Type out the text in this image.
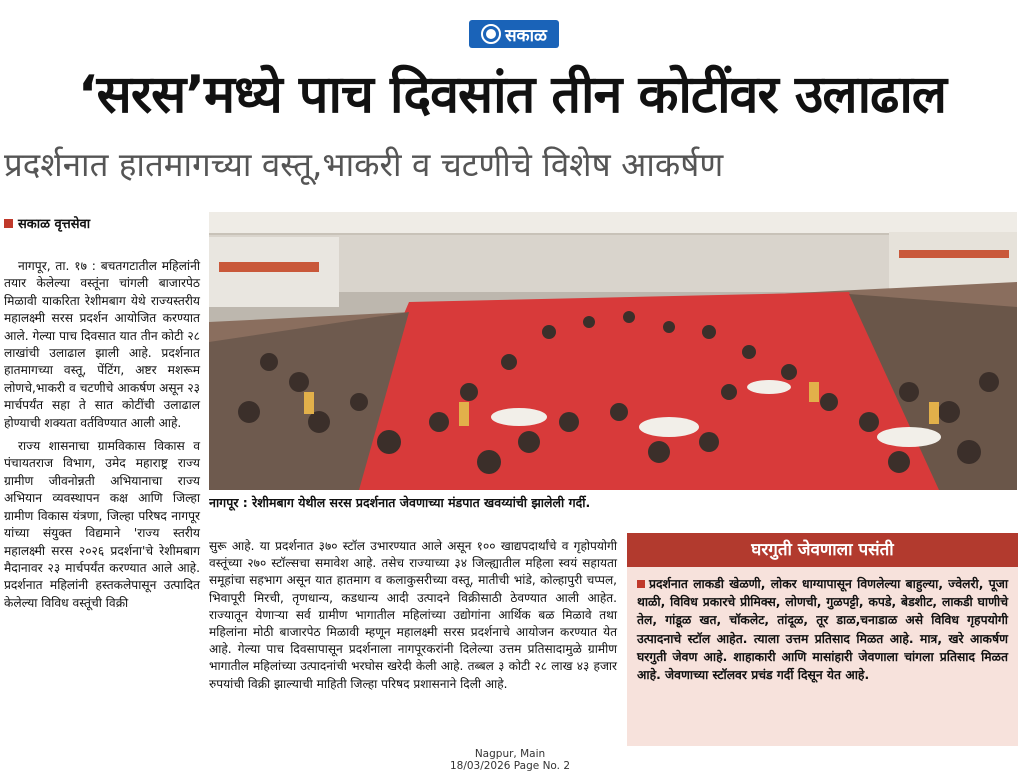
सकाळ
‘सरस’मध्ये पाच दिवसांत तीन कोटींवर उलाढाल
प्रदर्शनात हातमागच्या वस्तू,भाकरी व चटणीचे विशेष आकर्षण
सकाळ वृत्तसेवा

नागपूर, ता. १७ : बचतगटातील महिलांनी तयार केलेल्या वस्तूंना चांगली बाजारपेठ मिळावी याकरिता रेशीमबाग येथे राज्यस्तरीय महालक्ष्मी सरस प्रदर्शन आयोजित करण्यात आले. गेल्या पाच दिवसात यात तीन कोटी २८ लाखांची उलाढाल झाली आहे. प्रदर्शनात हातमागच्या वस्तू, पेंटिंग, अष्टर मशरूम लोणचे,भाकरी व चटणीचे आकर्षण असून २३ मार्चपर्यंत सहा ते सात कोटींची उलाढाल होण्याची शक्यता वर्तविण्यात आली आहे.

राज्य शासनाचा ग्रामविकास विकास व पंचायतराज विभाग, उमेद महाराष्ट्र राज्य ग्रामीण जीवनोन्नती अभियानाचा राज्य अभियान व्यवस्थापन कक्ष आणि जिल्हा ग्रामीण विकास यंत्रणा, जिल्हा परिषद नागपूर यांच्या संयुक्त विद्यमाने 'राज्य स्तरीय महालक्ष्मी सरस २०२६ प्रदर्शना'चे रेशीमबाग मैदानावर २३ मार्चपर्यंत करण्यात आले आहे. प्रदर्शनात महिलांनी हस्तकलेपासून उत्पादित केलेल्या विविध वस्तूंची विक्री

नागपूर : रेशीमबाग येथील सरस प्रदर्शनात जेवणाच्या मंडपात खवय्यांची झालेली गर्दी.

सुरू आहे. या प्रदर्शनात ३७० स्टॉल उभारण्यात आले असून १०० खाद्यपदार्थांचे व गृहोपयोगी वस्तूंच्या २७० स्टॉल्सचा समावेश आहे. तसेच राज्याच्या ३४ जिल्ह्यातील महिला स्वयं सहायता समूहांचा सहभाग असून यात हातमाग व कलाकुसरीच्या वस्तू, मातीची भांडे, कोल्हापुरी चप्पल, भिवापूरी मिरची, तृणधान्य, कडधान्य आदी उत्पादने विक्रीसाठी ठेवण्यात आली आहेत. राज्यातून येणाऱ्या सर्व ग्रामीण भागातील महिलांच्या उद्योगांना आर्थिक बळ मिळावे तथा महिलांना मोठी बाजारपेठ मिळावी म्हणून महालक्ष्मी सरस प्रदर्शनाचे आयोजन करण्यात येत आहे. गेल्या पाच दिवसापासून प्रदर्शनाला नागपूरकरांनी दिलेल्या उत्तम प्रतिसादामुळे ग्रामीण भागातील महिलांच्या उत्पादनांची भरघोस खरेदी केली आहे. तब्बल ३ कोटी २८ लाख ४३ हजार रुपयांची विक्री झाल्याची माहिती जिल्हा परिषद प्रशासनाने दिली आहे.

घरगुती जेवणाला पसंती
प्रदर्शनात लाकडी खेळणी, लोकर धाग्यापासून विणलेल्या बाहुल्या, ज्वेलरी, पूजा थाळी, विविध प्रकारचे प्रीमिक्स, लोणची, गुळपट्टी, कपडे, बेडशीट, लाकडी घाणीचे तेल, गांडूळ खत, चॉकलेट, तांदूळ, तूर डाळ,चनाडाळ असे विविध गृहपयोगी उत्पादनाचे स्टॉल आहेत. त्याला उत्तम प्रतिसाद मिळत आहे. मात्र, खरे आकर्षण घरगुती जेवण आहे. शाहाकारी आणि मासांहारी जेवणाला चांगला प्रतिसाद मिळत आहे. जेवणाच्या स्टॉलवर प्रचंड गर्दी दिसून येत आहे.
Nagpur, Main
18/03/2026 Page No. 2
